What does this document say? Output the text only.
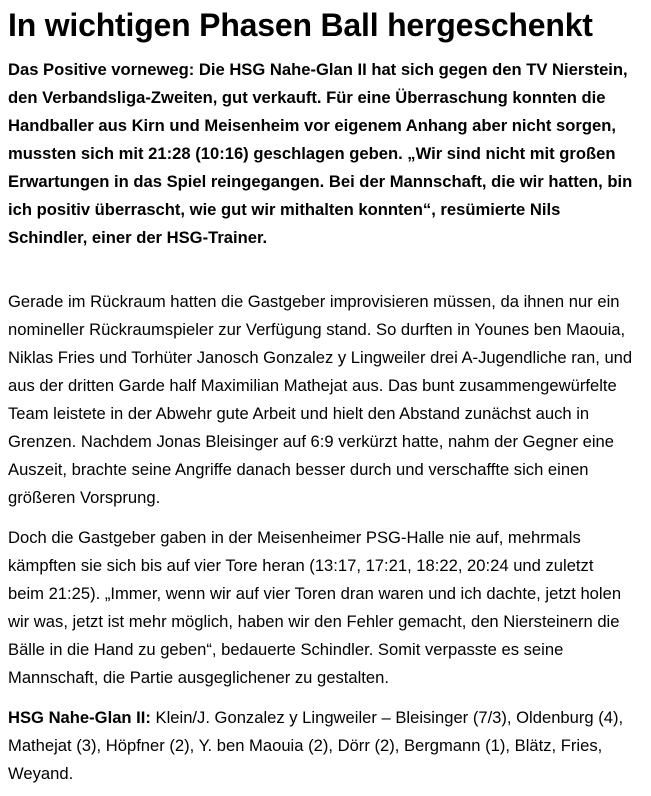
In wichtigen Phasen Ball hergeschenkt

Das Positive vorneweg: Die HSG Nahe-Glan II hat sich gegen den TV Nierstein, den Verbandsliga-Zweiten, gut verkauft. Für eine Überraschung konnten die Handballer aus Kirn und Meisenheim vor eigenem Anhang aber nicht sorgen, mussten sich mit 21:28 (10:16) geschlagen geben. „Wir sind nicht mit großen Erwartungen in das Spiel reingegangen. Bei der Mannschaft, die wir hatten, bin ich positiv überrascht, wie gut wir mithalten konnten“, resümierte Nils Schindler, einer der HSG-Trainer.

Gerade im Rückraum hatten die Gastgeber improvisieren müssen, da ihnen nur ein nomineller Rückraumspieler zur Verfügung stand. So durften in Younes ben Maouia, Niklas Fries und Torhüter Janosch Gonzalez y Lingweiler drei A-Jugendliche ran, und aus der dritten Garde half Maximilian Mathejat aus. Das bunt zusammengewürfelte Team leistete in der Abwehr gute Arbeit und hielt den Abstand zunächst auch in Grenzen. Nachdem Jonas Bleisinger auf 6:9 verkürzt hatte, nahm der Gegner eine Auszeit, brachte seine Angriffe danach besser durch und verschaffte sich einen größeren Vorsprung.

Doch die Gastgeber gaben in der Meisenheimer PSG-Halle nie auf, mehrmals kämpften sie sich bis auf vier Tore heran (13:17, 17:21, 18:22, 20:24 und zuletzt beim 21:25). „Immer, wenn wir auf vier Toren dran waren und ich dachte, jetzt holen wir was, jetzt ist mehr möglich, haben wir den Fehler gemacht, den Niersteinern die Bälle in die Hand zu geben“, bedauerte Schindler. Somit verpasste es seine Mannschaft, die Partie ausgeglichener zu gestalten.

HSG Nahe-Glan II: Klein/J. Gonzalez y Lingweiler – Bleisinger (7/3), Oldenburg (4), Mathejat (3), Höpfner (2), Y. ben Maouia (2), Dörr (2), Bergmann (1), Blätz, Fries, Weyand.
